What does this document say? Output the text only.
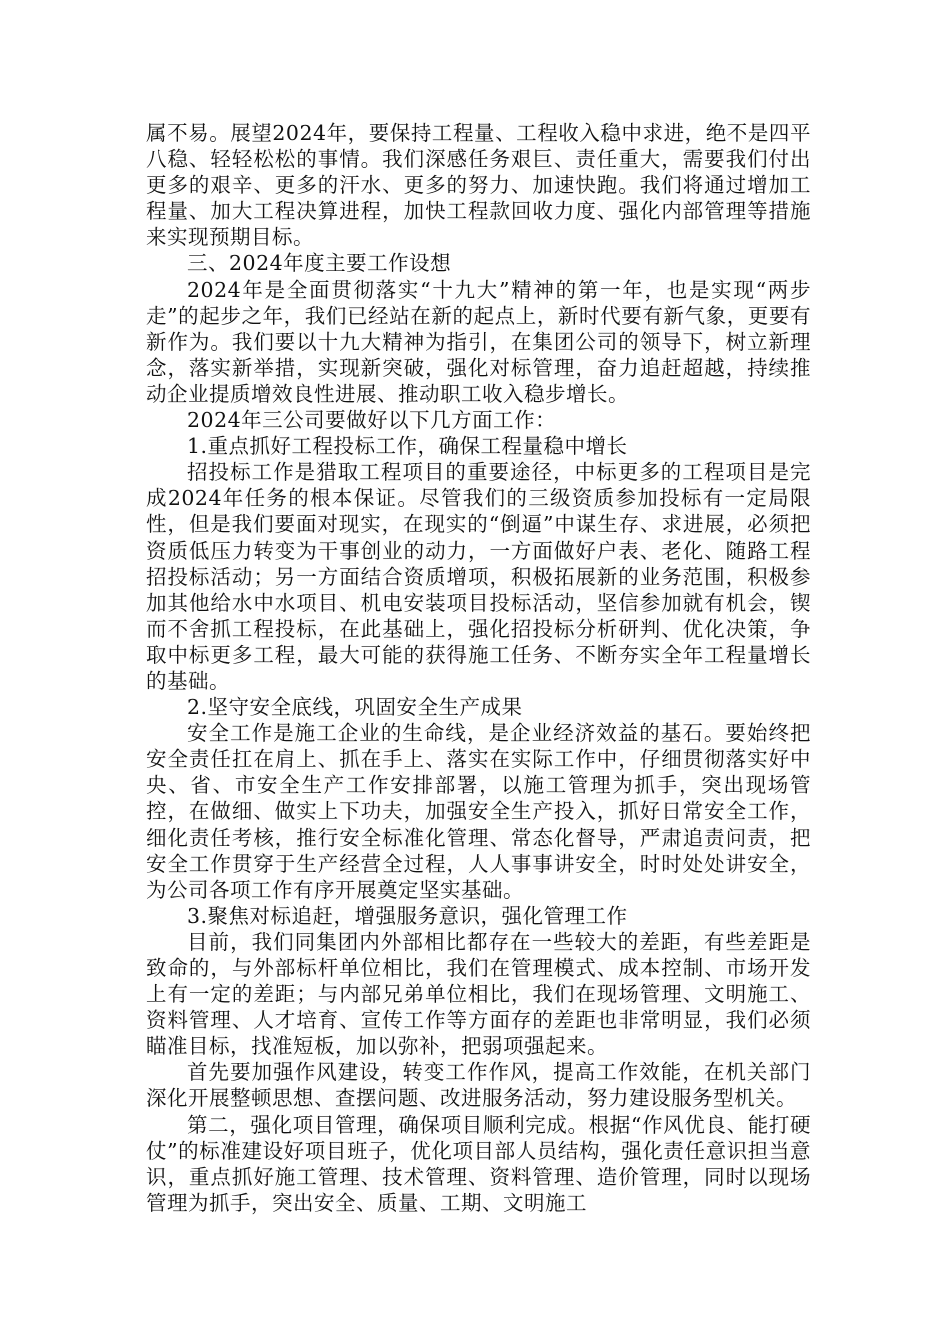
属不易。展望2024年，要保持工程量、工程收入稳中求进，绝不是四平八稳、轻轻松松的事情。我们深感任务艰巨、责任重大，需要我们付出更多的艰辛、更多的汗水、更多的努力、加速快跑。我们将通过增加工程量、加大工程决算进程，加快工程款回收力度、强化内部管理等措施来实现预期目标。

三、2024年度主要工作设想

2024年是全面贯彻落实“十九大”精神的第一年，也是实现“两步走”的起步之年，我们已经站在新的起点上，新时代要有新气象，更要有新作为。我们要以十九大精神为指引，在集团公司的领导下，树立新理念，落实新举措，实现新突破，强化对标管理，奋力追赶超越，持续推动企业提质增效良性进展、推动职工收入稳步增长。

2024年三公司要做好以下几方面工作：

1.重点抓好工程投标工作，确保工程量稳中增长

招投标工作是猎取工程项目的重要途径，中标更多的工程项目是完成2024年任务的根本保证。尽管我们的三级资质参加投标有一定局限性，但是我们要面对现实，在现实的“倒逼”中谋生存、求进展，必须把资质低压力转变为干事创业的动力，一方面做好户表、老化、随路工程招投标活动；另一方面结合资质增项，积极拓展新的业务范围，积极参加其他给水中水项目、机电安装项目投标活动，坚信参加就有机会，锲而不舍抓工程投标，在此基础上，强化招投标分析研判、优化决策，争取中标更多工程，最大可能的获得施工任务、不断夯实全年工程量增长的基础。

2.坚守安全底线，巩固安全生产成果

安全工作是施工企业的生命线，是企业经济效益的基石。要始终把安全责任扛在肩上、抓在手上、落实在实际工作中，仔细贯彻落实好中央、省、市安全生产工作安排部署，以施工管理为抓手，突出现场管控，在做细、做实上下功夫，加强安全生产投入，抓好日常安全工作，细化责任考核，推行安全标准化管理、常态化督导，严肃追责问责，把安全工作贯穿于生产经营全过程，人人事事讲安全，时时处处讲安全，为公司各项工作有序开展奠定坚实基础。

3.聚焦对标追赶，增强服务意识，强化管理工作

目前，我们同集团内外部相比都存在一些较大的差距，有些差距是致命的，与外部标杆单位相比，我们在管理模式、成本控制、市场开发上有一定的差距；与内部兄弟单位相比，我们在现场管理、文明施工、资料管理、人才培育、宣传工作等方面存的差距也非常明显，我们必须瞄准目标，找准短板，加以弥补，把弱项强起来。

首先要加强作风建设，转变工作作风，提高工作效能，在机关部门深化开展整顿思想、查摆问题、改进服务活动，努力建设服务型机关。

第二，强化项目管理，确保项目顺利完成。根据“作风优良、能打硬仗”的标准建设好项目班子，优化项目部人员结构，强化责任意识担当意识，重点抓好施工管理、技术管理、资料管理、造价管理，同时以现场管理为抓手，突出安全、质量、工期、文明施工
